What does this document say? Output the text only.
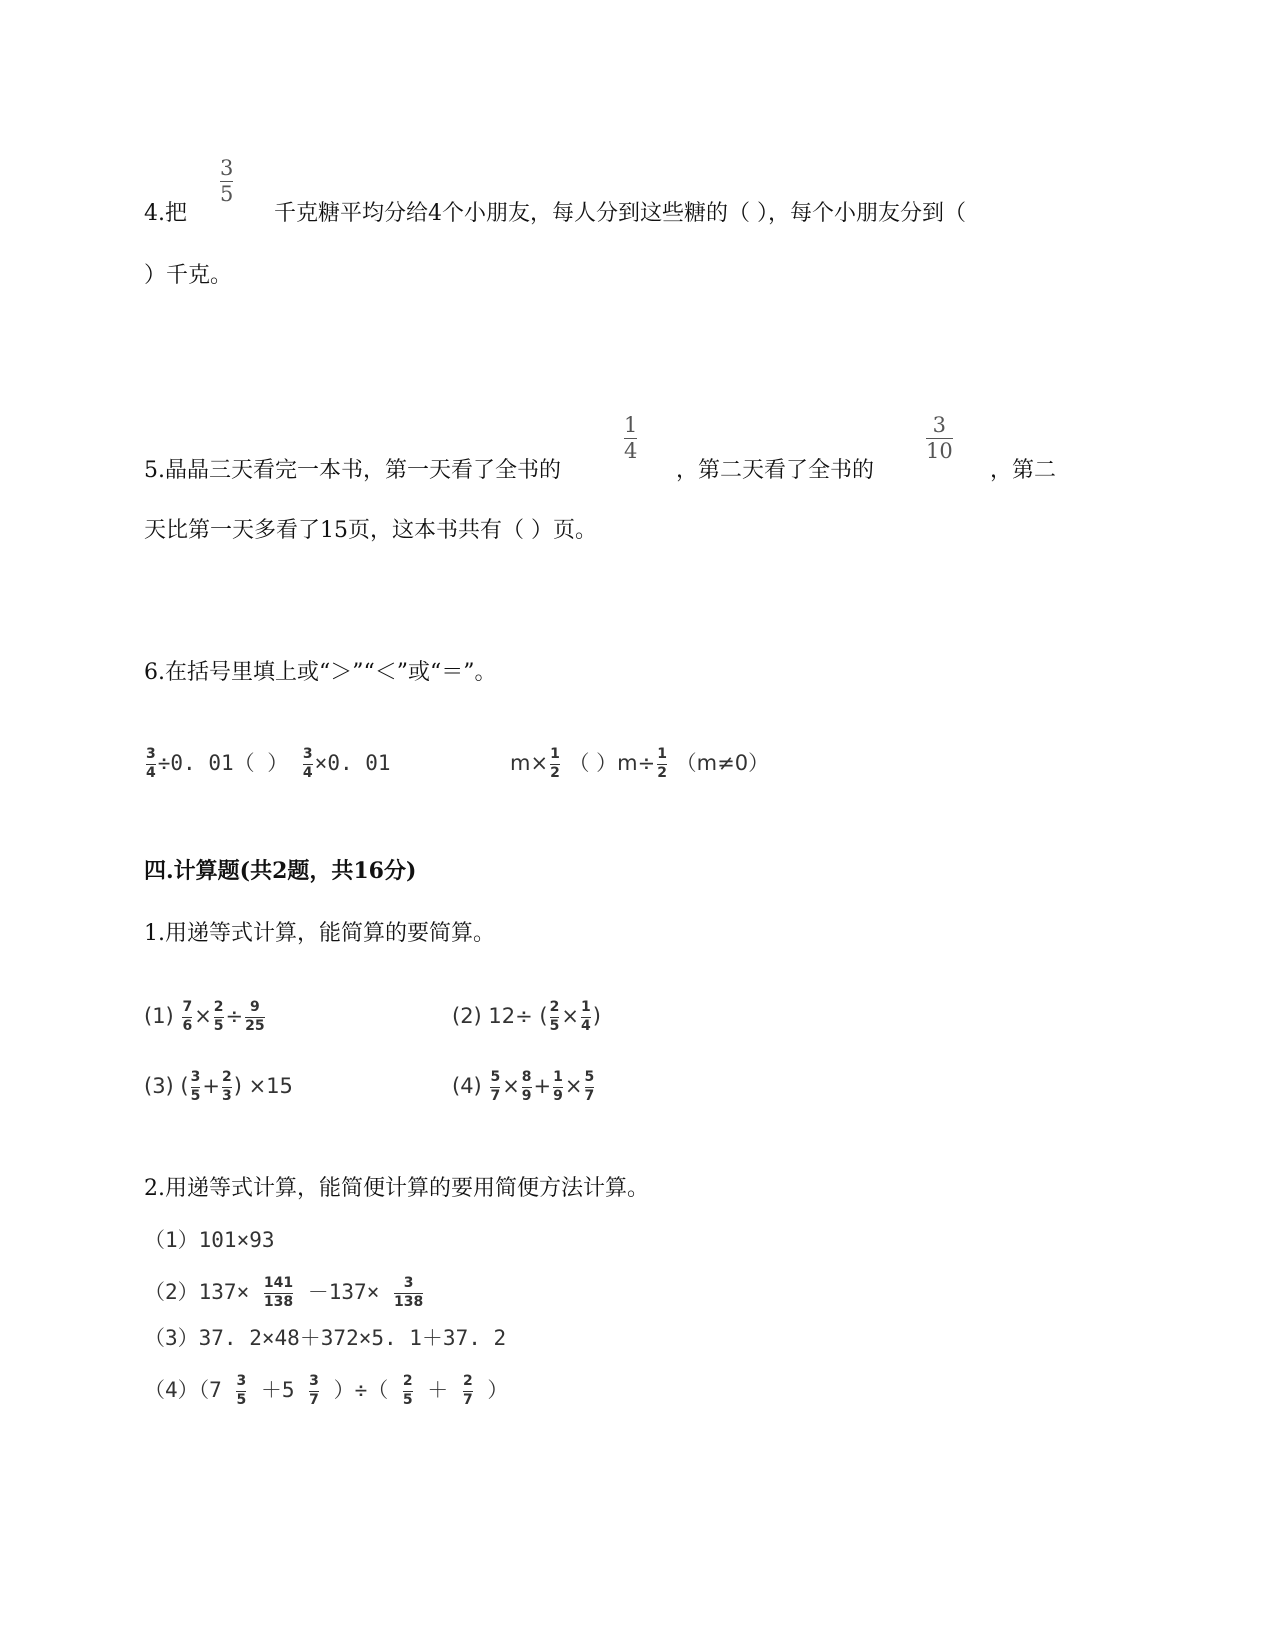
4.把
3
5
千克糖平均分给4个小朋友，每人分到这些糖的（ ），每个小朋友分到（
）千克。
5.晶晶三天看完一本书，第一天看了全书的
1
4
，第二天看了全书的
3
10
，第二
天比第一天多看了15页，这本书共有（ ）页。
6.在括号里填上或“＞”“＜”或“＝”。
$\frac{3}{4} \div 0$. 01（ ） $\frac{3}{4} \times 0$. 01	$m\times \frac{1}{2}$ （ ）$m\div \frac{1}{2} (m\ne 0)$
四.计算题(共2题，共16分)
1.用递等式计算，能简算的要简算。
$(1) \frac{7}{6} \times \frac{2}{5} \div \frac{9}{25}$	(2) 12÷ ( $\frac{2}{5} \times \frac{1}{4}$ )
(3) ( $\frac{3}{5} + \frac{2}{3}$ ) ×15	$(4) \frac{5}{7} \times \frac{8}{9} + \frac{1}{9} \times \frac{5}{7}$
2.用递等式计算，能简便计算的要用简便方法计算。
（1）101×93
$(2)137\times \frac{141}{138} -137\times \frac{3}{138}$
（3）37. 2×48＋372×5. 1＋37. 2
$(4)(7 \frac{3}{5} +5 \frac{3}{7}$ ）÷（ $\frac{2}{5} + \frac{2}{7}$ ）
